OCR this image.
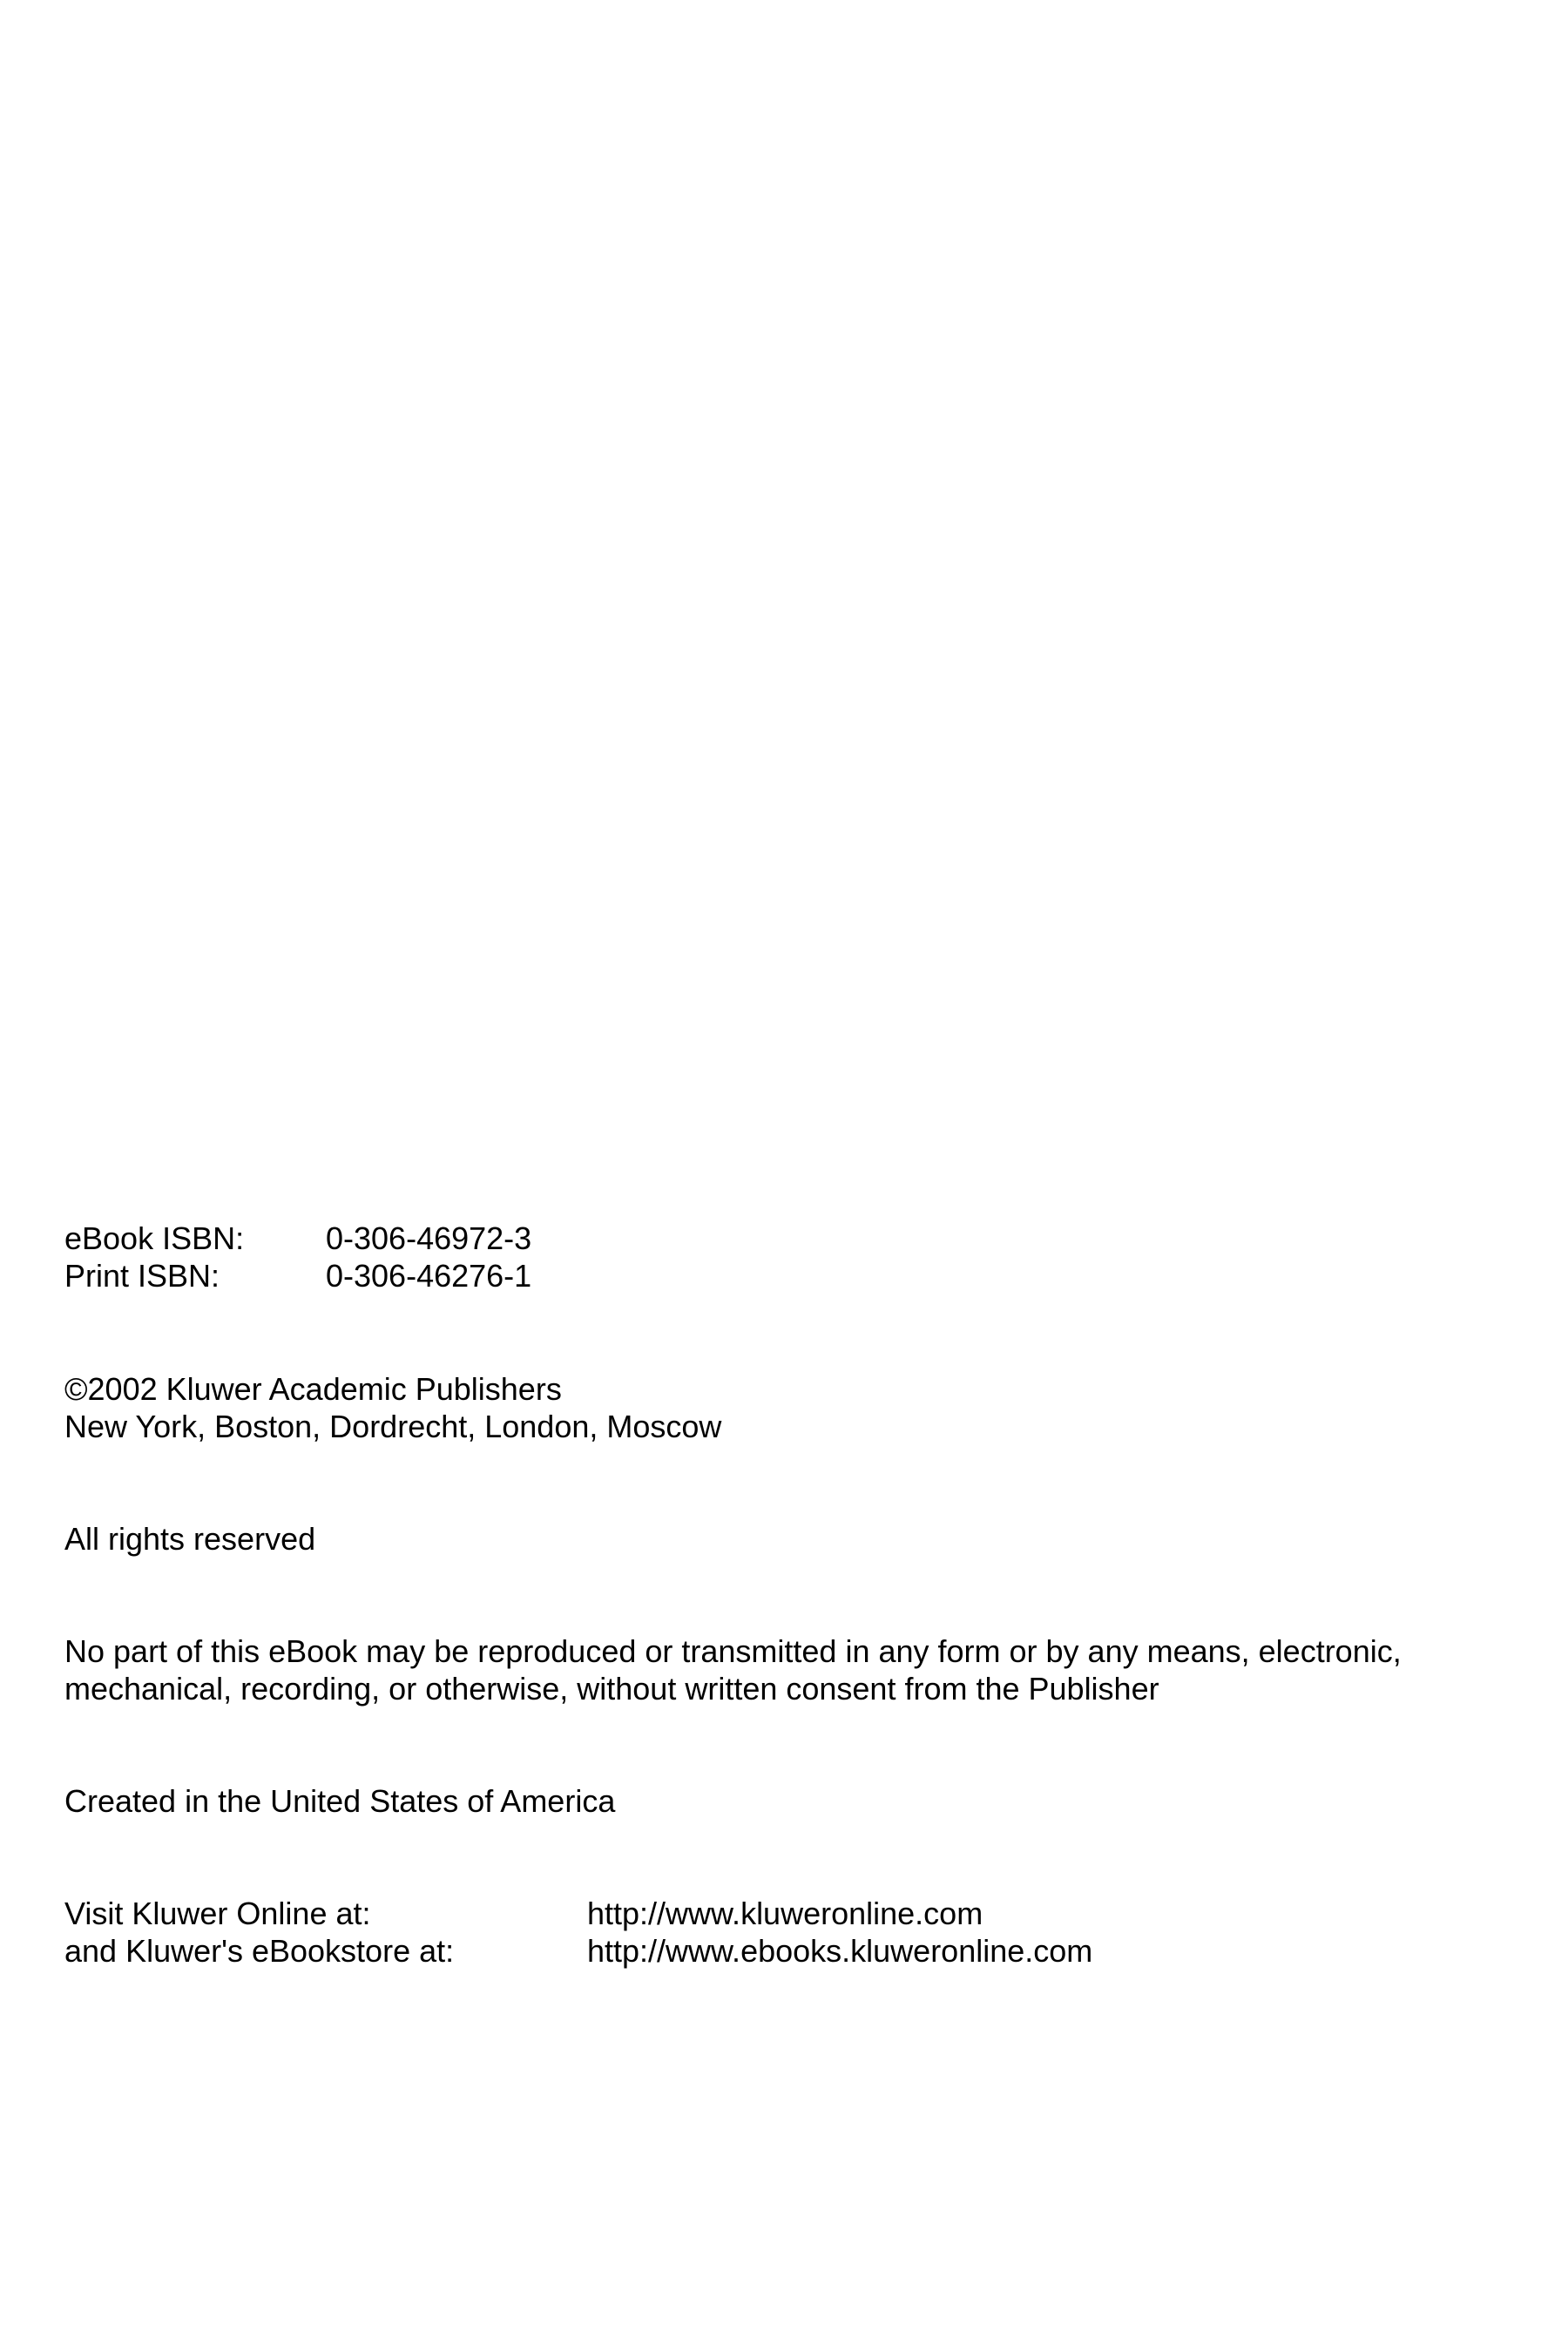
eBook ISBN:	0-306-46972-3
Print ISBN:	0-306-46276-1
©2002 Kluwer Academic Publishers
New York, Boston, Dordrecht, London, Moscow
All rights reserved
No part of this eBook may be reproduced or transmitted in any form or by any means, electronic,
mechanical, recording, or otherwise, without written consent from the Publisher
Created in the United States of America
Visit Kluwer Online at:	http://www.kluweronline.com
and Kluwer's eBookstore at:	http://www.ebooks.kluweronline.com
